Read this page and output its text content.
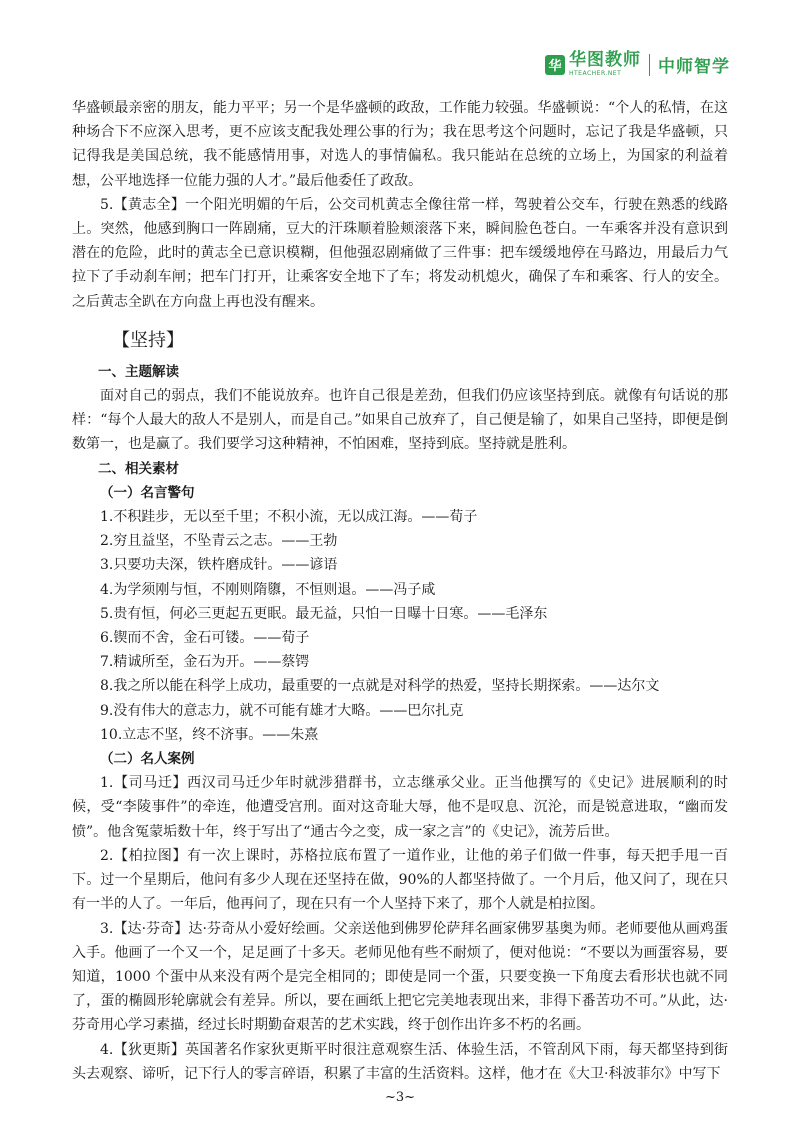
华 华图教师
HTEACHER.NET	中师智学

华盛顿最亲密的朋友，能力平平；另一个是华盛顿的政敌，工作能力较强。华盛顿说：“个人的私情，在这种场合下不应深入思考，更不应该支配我处理公事的行为；我在思考这个问题时，忘记了我是华盛顿，只记得我是美国总统，我不能感情用事，对选人的事情偏私。我只能站在总统的立场上，为国家的利益着想，公平地选择一位能力强的人才。”最后他委任了政敌。

5.【黄志全】一个阳光明媚的午后，公交司机黄志全像往常一样，驾驶着公交车，行驶在熟悉的线路上。突然，他感到胸口一阵剧痛，豆大的汗珠顺着脸颊滚落下来，瞬间脸色苍白。一车乘客并没有意识到潜在的危险，此时的黄志全已意识模糊，但他强忍剧痛做了三件事：把车缓缓地停在马路边，用最后力气拉下了手动刹车闸；把车门打开，让乘客安全地下了车；将发动机熄火，确保了车和乘客、行人的安全。之后黄志全趴在方向盘上再也没有醒来。

【坚持】
一、主题解读

面对自己的弱点，我们不能说放弃。也许自己很是差劲，但我们仍应该坚持到底。就像有句话说的那样：“每个人最大的敌人不是别人，而是自己。”如果自己放弃了，自己便是输了，如果自己坚持，即便是倒数第一，也是赢了。我们要学习这种精神，不怕困难，坚持到底。坚持就是胜利。

二、相关素材
（一）名言警句

1.不积跬步，无以至千里；不积小流，无以成江海。——荀子

2.穷且益坚，不坠青云之志。——王勃

3.只要功夫深，铁杵磨成针。——谚语

4.为学须刚与恒，不刚则隋隳，不恒则退。——冯子咸

5.贵有恒，何必三更起五更眠。最无益，只怕一日曝十日寒。——毛泽东

6.锲而不舍，金石可镂。——荀子

7.精诚所至，金石为开。——蔡锷

8.我之所以能在科学上成功，最重要的一点就是对科学的热爱，坚持长期探索。——达尔文

9.没有伟大的意志力，就不可能有雄才大略。——巴尔扎克

10.立志不坚，终不济事。——朱熹

（二）名人案例

1.【司马迁】西汉司马迁少年时就涉猎群书，立志继承父业。正当他撰写的《史记》进展顺利的时候，受“李陵事件”的牵连，他遭受宫刑。面对这奇耻大辱，他不是叹息、沉沦，而是锐意进取，“幽而发愤”。他含冤蒙垢数十年，终于写出了“通古今之变，成一家之言”的《史记》，流芳后世。

2.【柏拉图】有一次上课时，苏格拉底布置了一道作业，让他的弟子们做一件事，每天把手甩一百下。过一个星期后，他问有多少人现在还坚持在做，90%的人都坚持做了。一个月后，他又问了，现在只有一半的人了。一年后，他再问了，现在只有一个人坚持下来了，那个人就是柏拉图。

3.【达·芬奇】达·芬奇从小爱好绘画。父亲送他到佛罗伦萨拜名画家佛罗基奥为师。老师要他从画鸡蛋入手。他画了一个又一个，足足画了十多天。老师见他有些不耐烦了，便对他说：“不要以为画蛋容易，要知道，1000 个蛋中从来没有两个是完全相同的；即使是同一个蛋，只要变换一下角度去看形状也就不同了，蛋的椭圆形轮廓就会有差异。所以，要在画纸上把它完美地表现出来，非得下番苦功不可。”从此，达·芬奇用心学习素描，经过长时期勤奋艰苦的艺术实践，终于创作出许多不朽的名画。

4.【狄更斯】英国著名作家狄更斯平时很注意观察生活、体验生活，不管刮风下雨，每天都坚持到街头去观察、谛听，记下行人的零言碎语，积累了丰富的生活资料。这样，他才在《大卫·科波菲尔》中写下

~3~
